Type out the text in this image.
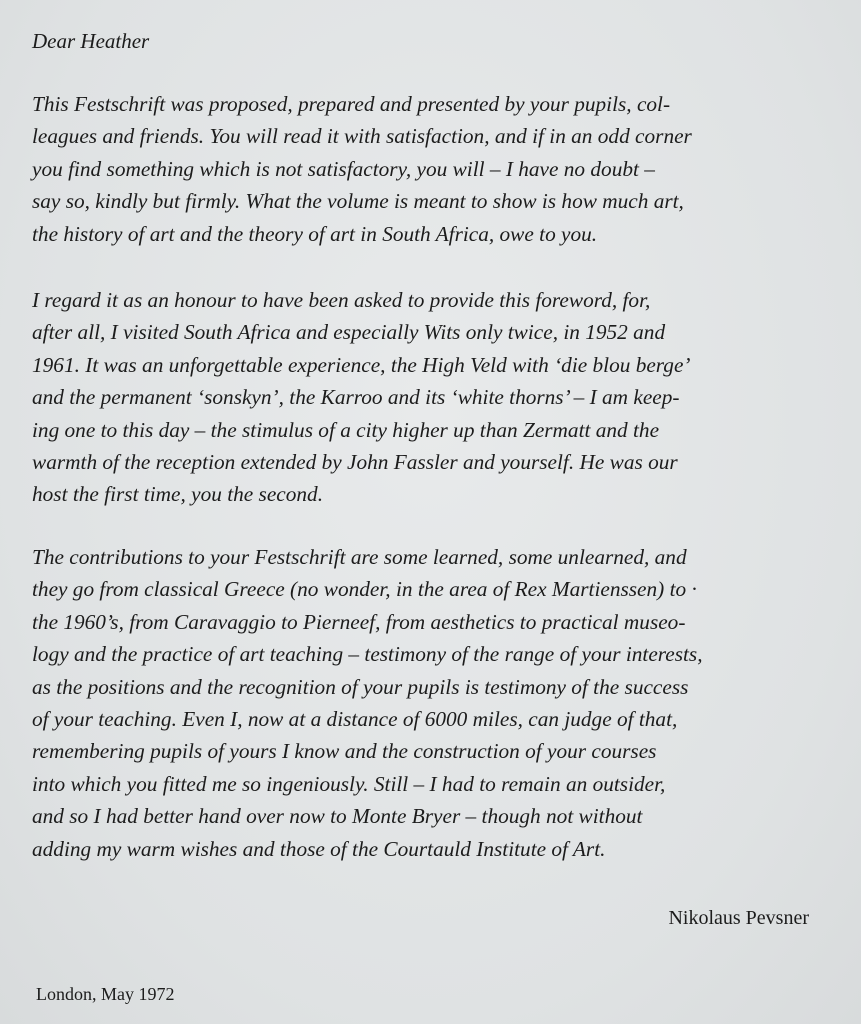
Dear Heather

This Festschrift was proposed, prepared and presented by your pupils, col-
leagues and friends. You will read it with satisfaction, and if in an odd corner
you find something which is not satisfactory, you will – I have no doubt –
say so, kindly but firmly. What the volume is meant to show is how much art,
the history of art and the theory of art in South Africa, owe to you.

I regard it as an honour to have been asked to provide this foreword, for,
after all, I visited South Africa and especially Wits only twice, in 1952 and
1961. It was an unforgettable experience, the High Veld with ‘die blou berge’
and the permanent ‘sonskyn’, the Karroo and its ‘white thorns’ – I am keep-
ing one to this day – the stimulus of a city higher up than Zermatt and the
warmth of the reception extended by John Fassler and yourself. He was our
host the first time, you the second.

The contributions to your Festschrift are some learned, some unlearned, and
they go from classical Greece (no wonder, in the area of Rex Martienssen) to ·
the 1960’s, from Caravaggio to Pierneef, from aesthetics to practical museo-
logy and the practice of art teaching – testimony of the range of your interests,
as the positions and the recognition of your pupils is testimony of the success
of your teaching. Even I, now at a distance of 6000 miles, can judge of that,
remembering pupils of yours I know and the construction of your courses
into which you fitted me so ingeniously. Still – I had to remain an outsider,
and so I had better hand over now to Monte Bryer – though not without
adding my warm wishes and those of the Courtauld Institute of Art.

Nikolaus Pevsner
London, May 1972
